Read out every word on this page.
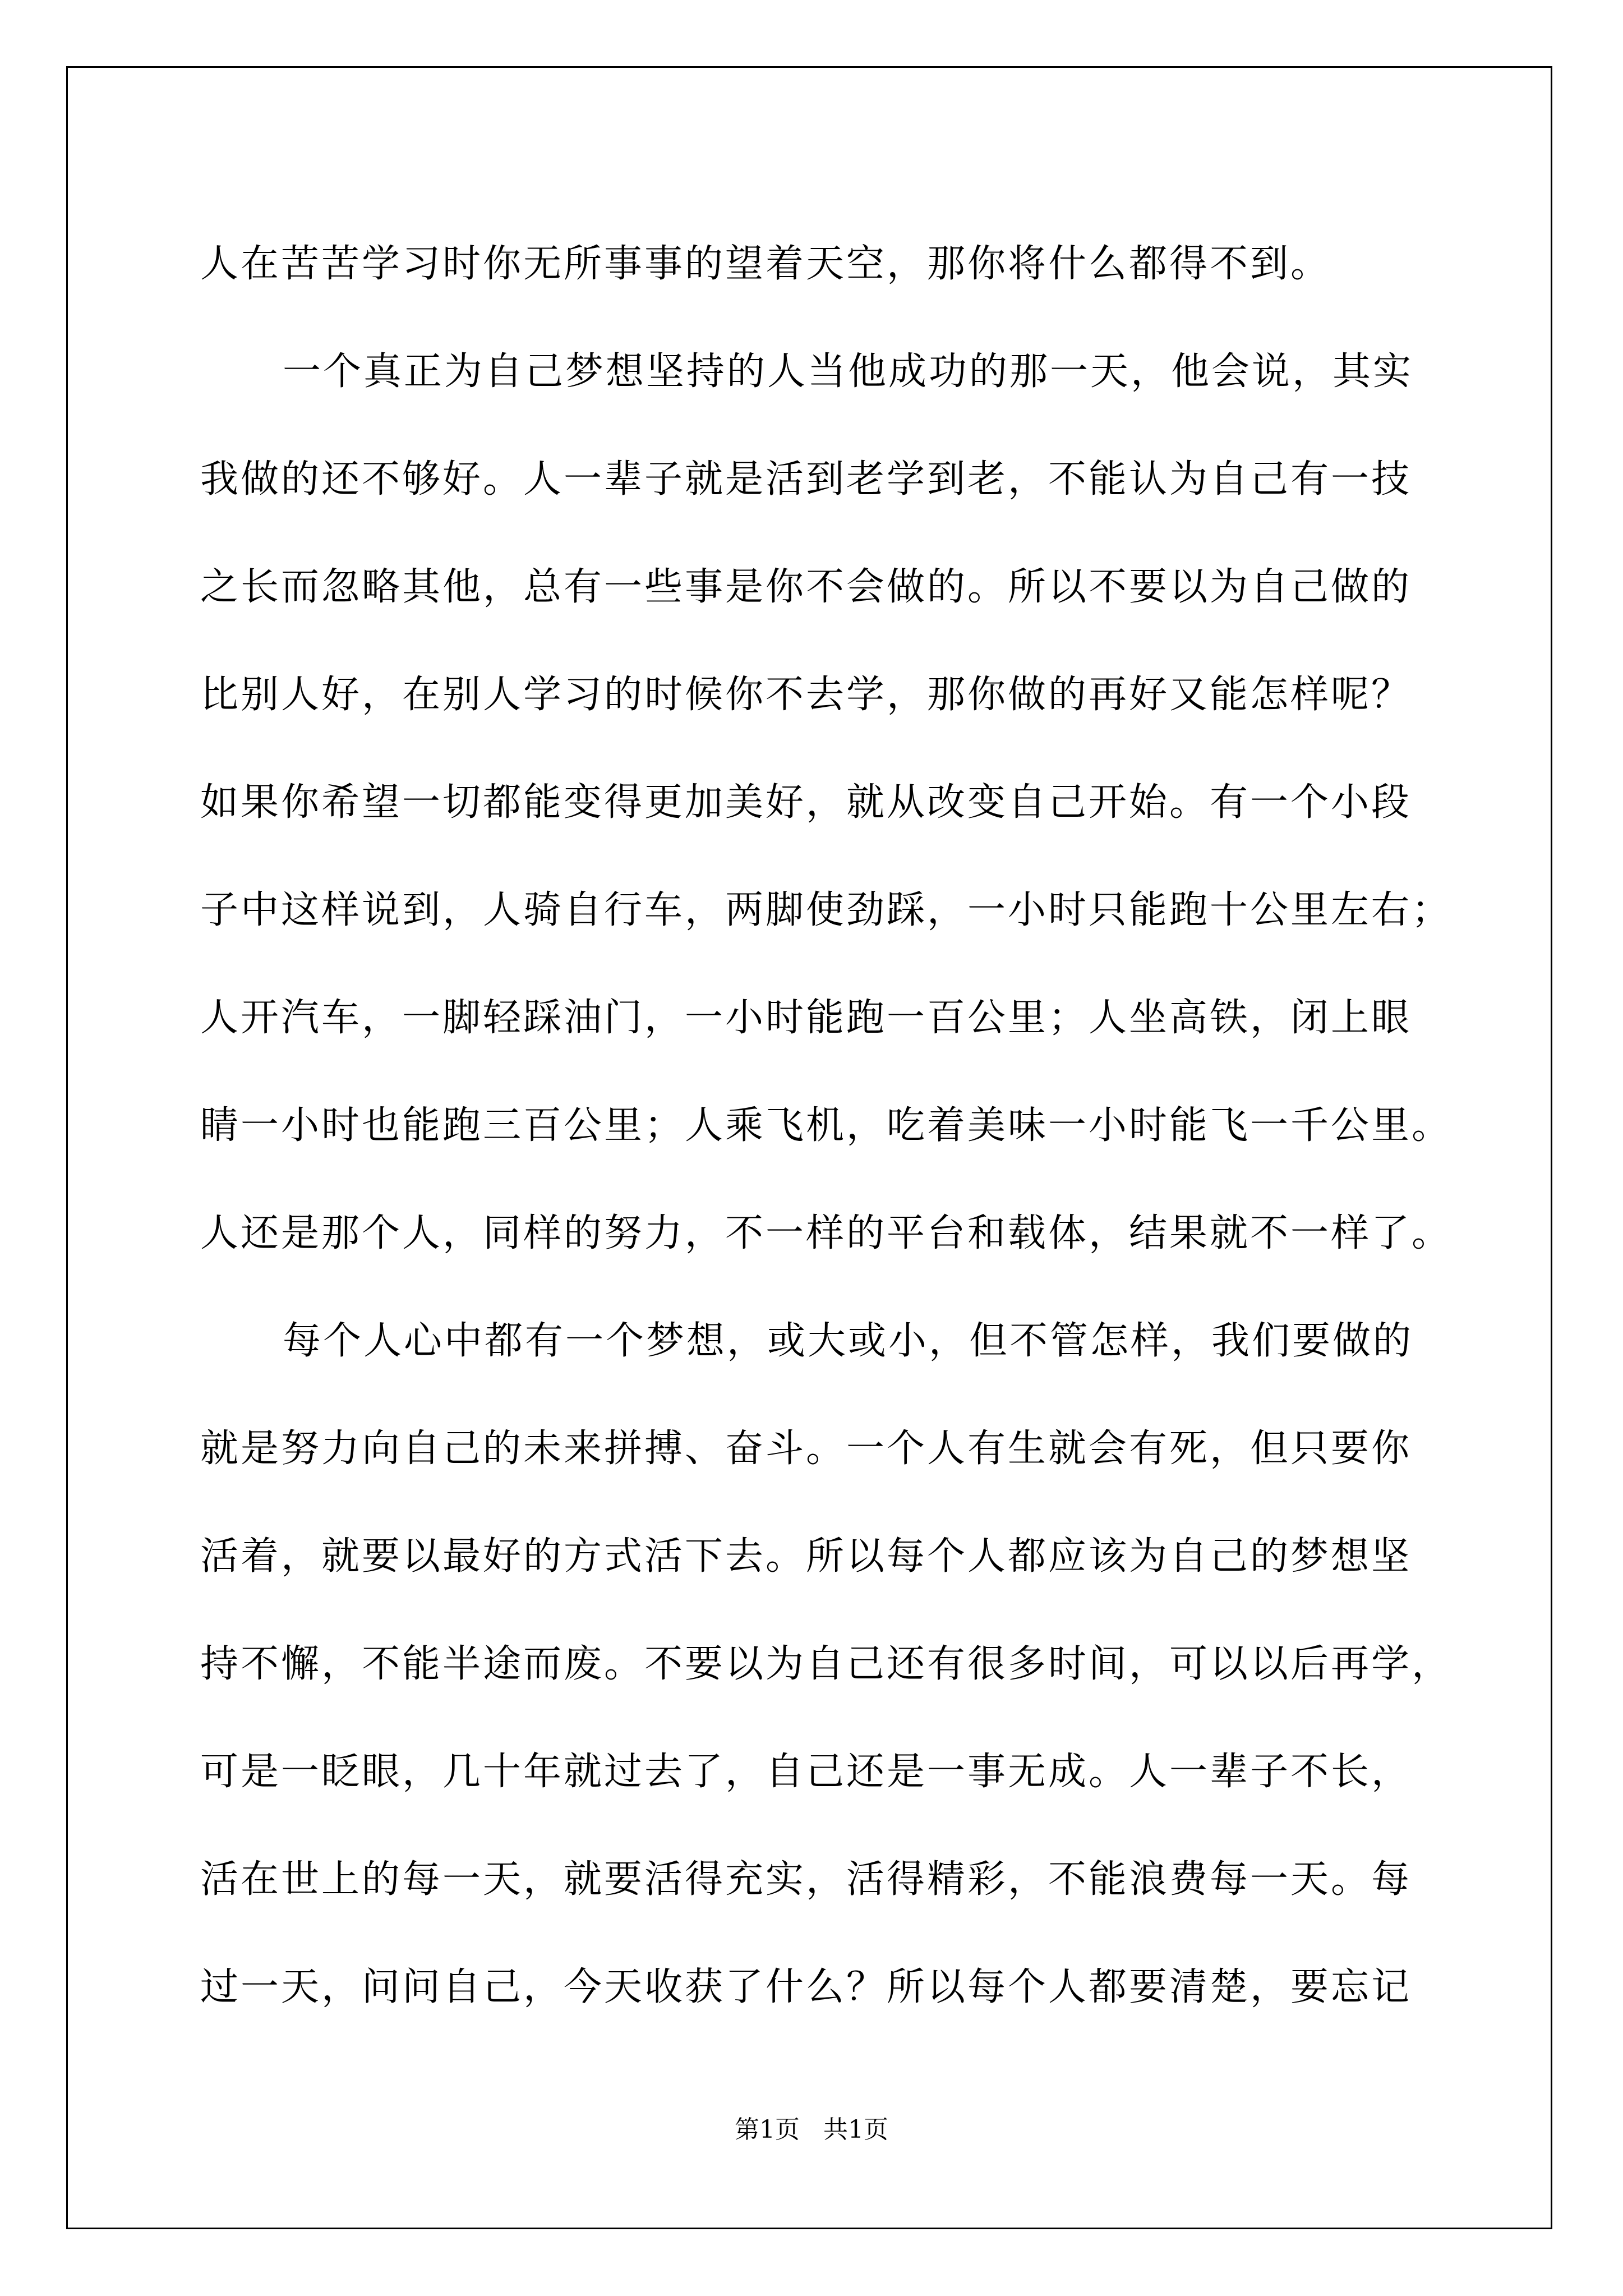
人在苦苦学习时你无所事事的望着天空，那你将什么都得不到。
一个真正为自己梦想坚持的人当他成功的那一天，他会说，其实
我做的还不够好。人一辈子就是活到老学到老，不能认为自己有一技
之长而忽略其他，总有一些事是你不会做的。所以不要以为自己做的
比别人好，在别人学习的时候你不去学，那你做的再好又能怎样呢？
如果你希望一切都能变得更加美好，就从改变自己开始。有一个小段
子中这样说到，人骑自行车，两脚使劲踩，一小时只能跑十公里左右；
人开汽车，一脚轻踩油门，一小时能跑一百公里；人坐高铁，闭上眼
睛一小时也能跑三百公里；人乘飞机，吃着美味一小时能飞一千公里。
人还是那个人，同样的努力，不一样的平台和载体，结果就不一样了。
每个人心中都有一个梦想，或大或小，但不管怎样，我们要做的
就是努力向自己的未来拼搏、奋斗。一个人有生就会有死，但只要你
活着，就要以最好的方式活下去。所以每个人都应该为自己的梦想坚
持不懈，不能半途而废。不要以为自己还有很多时间，可以以后再学，
可是一眨眼，几十年就过去了，自己还是一事无成。人一辈子不长，
活在世上的每一天，就要活得充实，活得精彩，不能浪费每一天。每
过一天，问问自己，今天收获了什么？所以每个人都要清楚，要忘记
第1页   共1页
